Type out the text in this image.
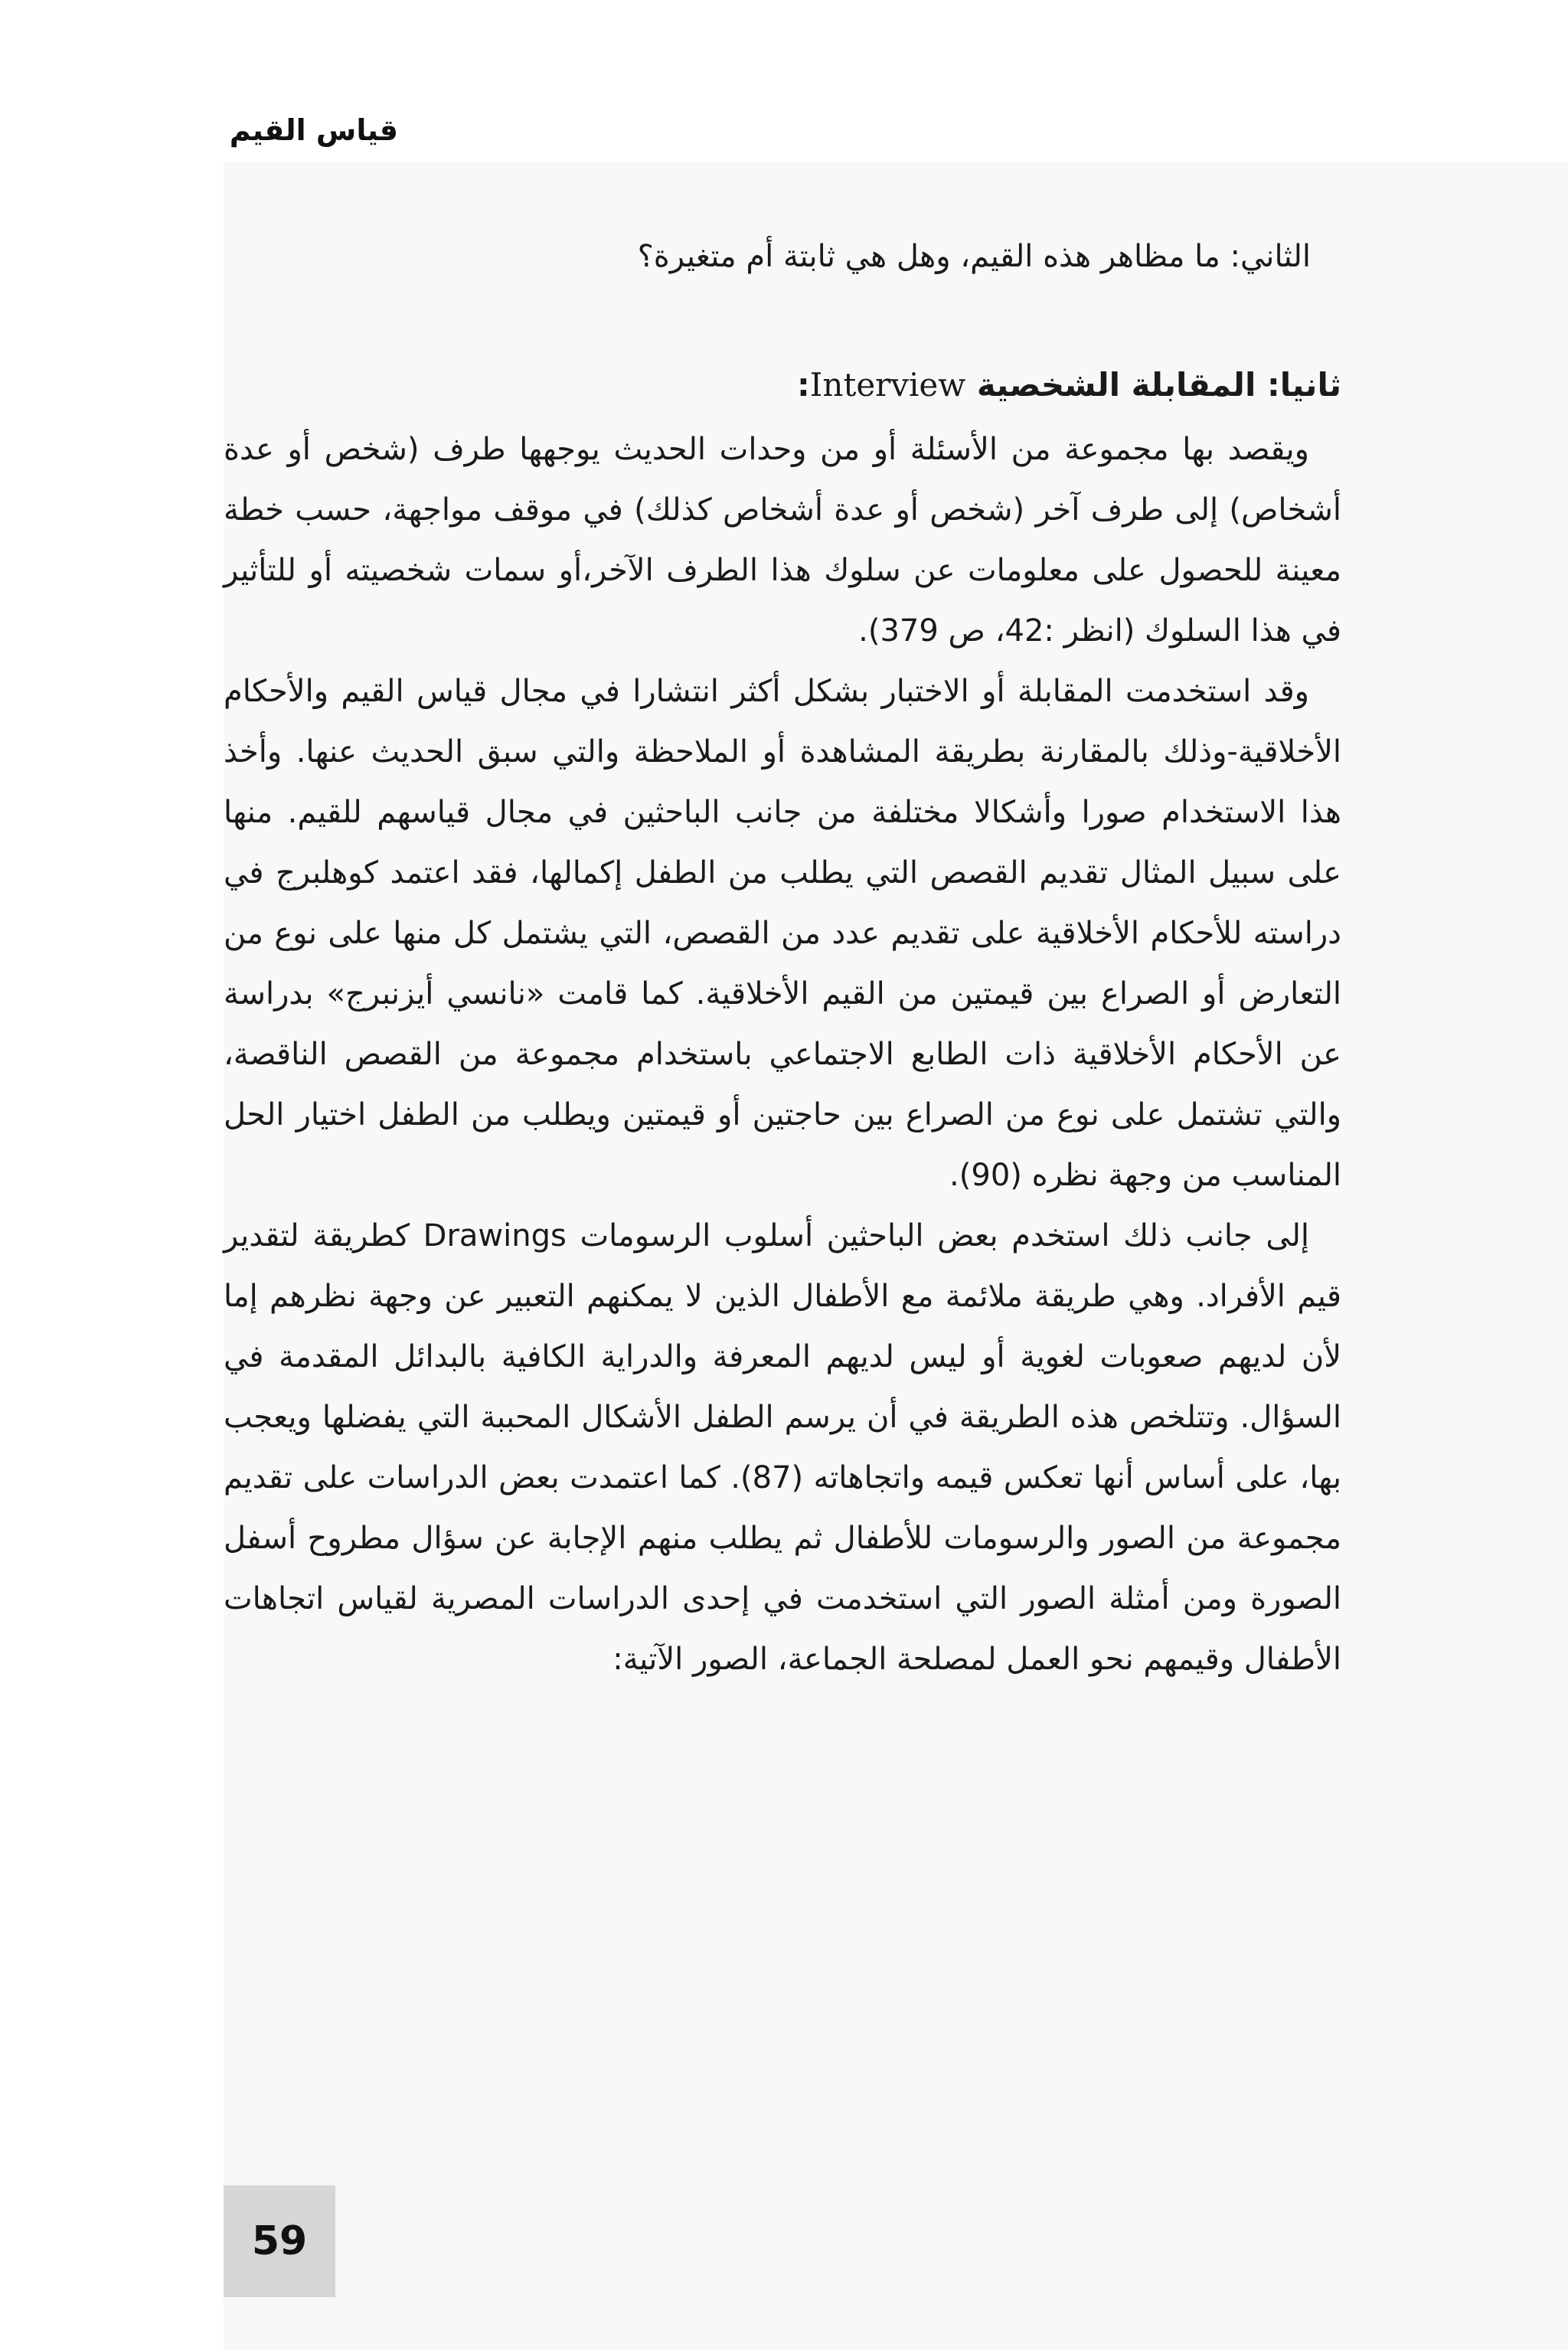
قياس القيم

الثاني: ما مظاهر هذه القيم، وهل هي ثابتة أم متغيرة؟

ثانيا: المقابلة الشخصية Interview:

ويقصد بها مجموعة من الأسئلة أو من وحدات الحديث يوجهها طرف (شخص أو عدة أشخاص) إلى طرف آخر (شخص أو عدة أشخاص كذلك) في موقف مواجهة، حسب خطة معينة للحصول على معلومات عن سلوك هذا الطرف الآخر،أو سمات شخصيته أو للتأثير في هذا السلوك (انظر :42، ص 379).

وقد استخدمت المقابلة أو الاختبار بشكل أكثر انتشارا في مجال قياس القيم والأحكام الأخلاقية-وذلك بالمقارنة بطريقة المشاهدة أو الملاحظة والتي سبق الحديث عنها. وأخذ هذا الاستخدام صورا وأشكالا مختلفة من جانب الباحثين في مجال قياسهم للقيم. منها على سبيل المثال تقديم القصص التي يطلب من الطفل إكمالها، فقد اعتمد كوهلبرج في دراسته للأحكام الأخلاقية على تقديم عدد من القصص، التي يشتمل كل منها على نوع من التعارض أو الصراع بين قيمتين من القيم الأخلاقية. كما قامت «نانسي أيزنبرج» بدراسة عن الأحكام الأخلاقية ذات الطابع الاجتماعي باستخدام مجموعة من القصص الناقصة، والتي تشتمل على نوع من الصراع بين حاجتين أو قيمتين ويطلب من الطفل اختيار الحل المناسب من وجهة نظره (90).

إلى جانب ذلك استخدم بعض الباحثين أسلوب الرسومات Drawings كطريقة لتقدير قيم الأفراد. وهي طريقة ملائمة مع الأطفال الذين لا يمكنهم التعبير عن وجهة نظرهم إما لأن لديهم صعوبات لغوية أو ليس لديهم المعرفة والدراية الكافية بالبدائل المقدمة في السؤال. وتتلخص هذه الطريقة في أن يرسم الطفل الأشكال المحببة التي يفضلها ويعجب بها، على أساس أنها تعكس قيمه واتجاهاته (87). كما اعتمدت بعض الدراسات على تقديم مجموعة من الصور والرسومات للأطفال ثم يطلب منهم الإجابة عن سؤال مطروح أسفل الصورة ومن أمثلة الصور التي استخدمت في إحدى الدراسات المصرية لقياس اتجاهات الأطفال وقيمهم نحو العمل لمصلحة الجماعة، الصور الآتية:

59
